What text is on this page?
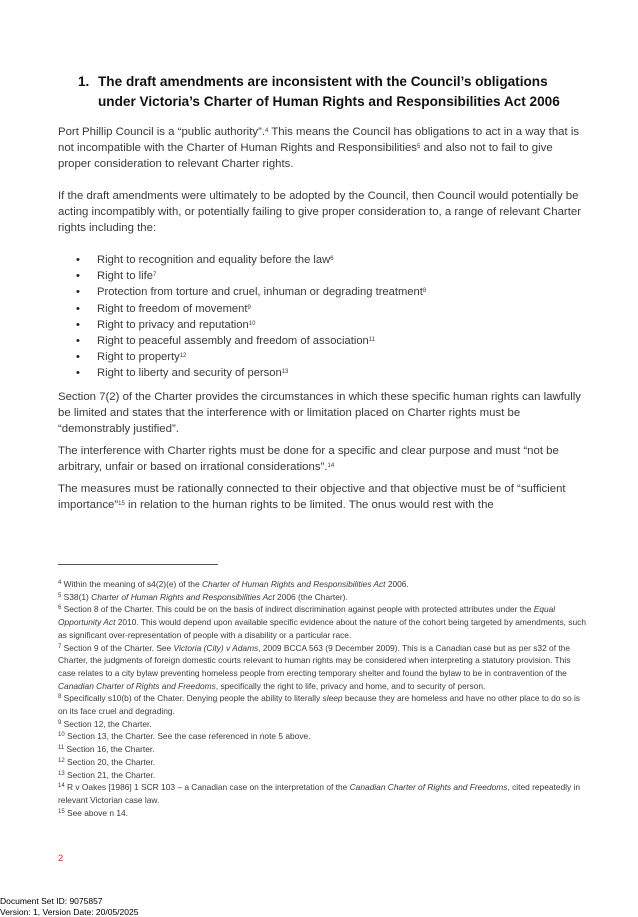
1. The draft amendments are inconsistent with the Council’s obligations under Victoria’s Charter of Human Rights and Responsibilities Act 2006
Port Phillip Council is a “public authority”.$^4$ This means the Council has obligations to act in a way that is not incompatible with the Charter of Human Rights and Responsibilities$^5$ and also not to fail to give proper consideration to relevant Charter rights.
If the draft amendments were ultimately to be adopted by the Council, then Council would potentially be acting incompatibly with, or potentially failing to give proper consideration to, a range of relevant Charter rights including the:
• Right to recognition and equality before the law$^6$
• Right to life$^7$
• Protection from torture and cruel, inhuman or degrading treatment$^8$
• Right to freedom of movement$^9$
• Right to privacy and reputation$^{10}$
• Right to peaceful assembly and freedom of association$^{11}$
• Right to property$^{12}$
• Right to liberty and security of person$^{13}$
Section 7(2) of the Charter provides the circumstances in which these specific human rights can lawfully be limited and states that the interference with or limitation placed on Charter rights must be “demonstrably justified”.
The interference with Charter rights must be done for a specific and clear purpose and must “not be arbitrary, unfair or based on irrational considerations”.$^{14}$
The measures must be rationally connected to their objective and that objective must be of “sufficient importance”$^{15}$ in relation to the human rights to be limited. The onus would rest with the

$^4$ Within the meaning of s4(2)(e) of the Charter of Human Rights and Responsibilities Act 2006.

$^5$ S38(1) Charter of Human Rights and Responsibilities Act 2006 (the Charter).

$^6$ Section 8 of the Charter. This could be on the basis of indirect discrimination against people with protected attributes under the Equal Opportunity Act 2010. This would depend upon available specific evidence about the nature of the cohort being targeted by amendments, such as significant over-representation of people with a disability or a particular race.

$^7$ Section 9 of the Charter. See Victoria (City) v Adams, 2009 BCCA 563 (9 December 2009). This is a Canadian case but as per s32 of the Charter, the judgments of foreign domestic courts relevant to human rights may be considered when interpreting a statutory provision. This case relates to a city bylaw preventing homeless people from erecting temporary shelter and found the bylaw to be in contravention of the Canadian Charter of Rights and Freedoms, specifically the right to life, privacy and home, and to security of person.

$^8$ Specifically s10(b) of the Chater. Denying people the ability to literally sleep because they are homeless and have no other place to do so is on its face cruel and degrading.

$^9$ Section 12, the Charter.

$^{10}$ Section 13, the Charter. See the case referenced in note 5 above.

$^{11}$ Section 16, the Charter.

$^{12}$ Section 20, the Charter.

$^{13}$ Section 21, the Charter.

$^{14}$ R v Oakes [1986] 1 SCR 103 – a Canadian case on the interpretation of the Canadian Charter of Rights and Freedoms, cited repeatedly in relevant Victorian case law.

$^{15}$ See above n 14.

2
Document Set ID: 9075857
Version: 1, Version Date: 20/05/2025
